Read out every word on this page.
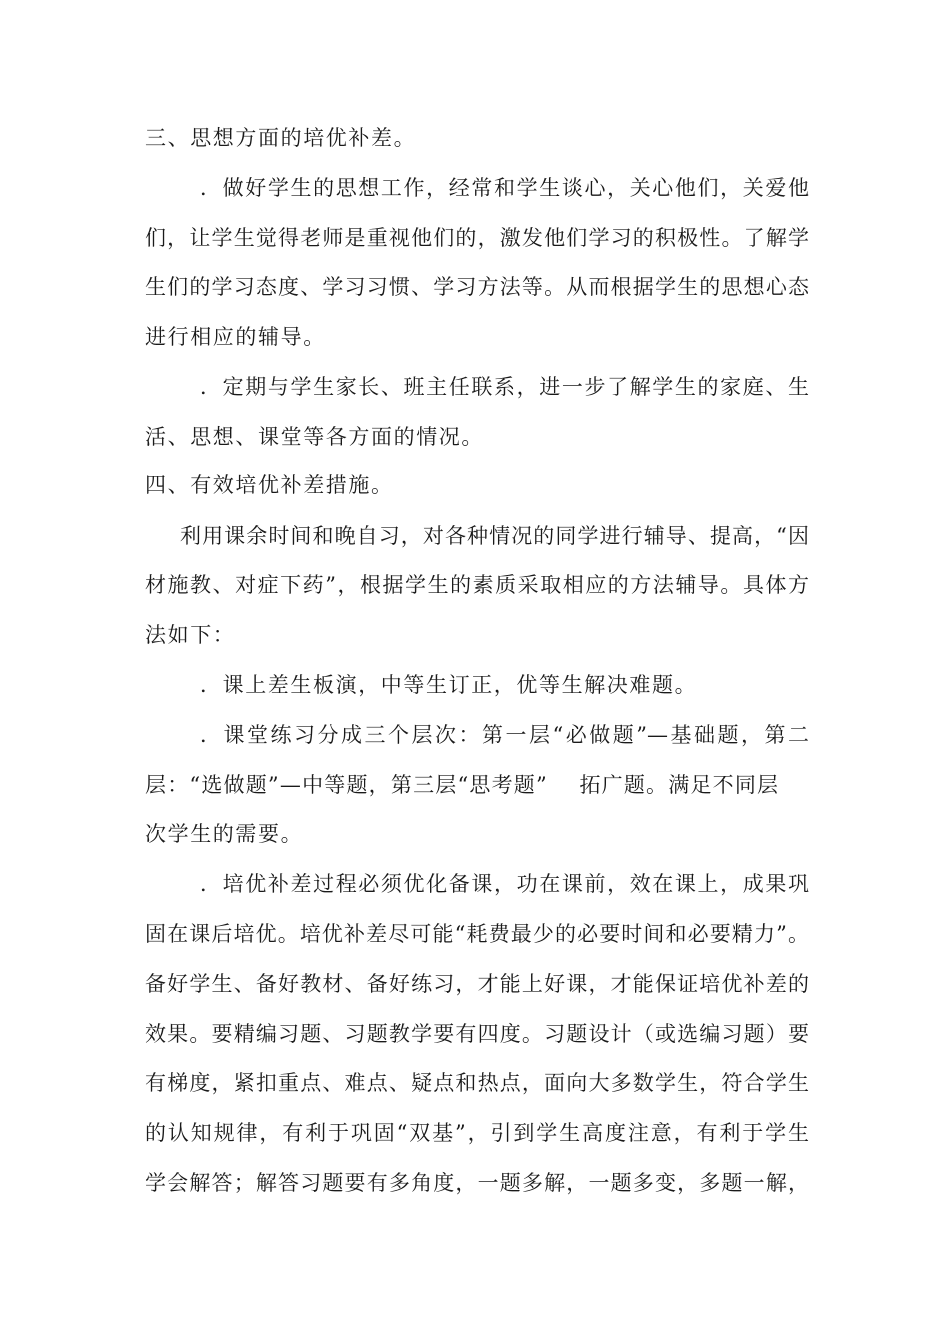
三、思想方面的培优补差。
．做好学生的思想工作，经常和学生谈心，关心他们，关爱他
们，让学生觉得老师是重视他们的，激发他们学习的积极性。了解学
生们的学习态度、学习习惯、学习方法等。从而根据学生的思想心态
进行相应的辅导。
．定期与学生家长、班主任联系，进一步了解学生的家庭、生
活、思想、课堂等各方面的情况。
四、有效培优补差措施。
利用课余时间和晚自习，对各种情况的同学进行辅导、提高，“因
材施教、对症下药”，根据学生的素质采取相应的方法辅导。具体方
法如下：
．课上差生板演，中等生订正，优等生解决难题。
．课堂练习分成三个层次：第一层“必做题”—基础题，第二
层：“选做题”—中等题，第三层“思考题”    拓广题。满足不同层
次学生的需要。
．培优补差过程必须优化备课，功在课前，效在课上，成果巩
固在课后培优。培优补差尽可能“耗费最少的必要时间和必要精力”。
备好学生、备好教材、备好练习，才能上好课，才能保证培优补差的
效果。要精编习题、习题教学要有四度。习题设计（或选编习题）要
有梯度，紧扣重点、难点、疑点和热点，面向大多数学生，符合学生
的认知规律，有利于巩固“双基”，引到学生高度注意，有利于学生
学会解答；解答习题要有多角度，一题多解，一题多变，多题一解，
